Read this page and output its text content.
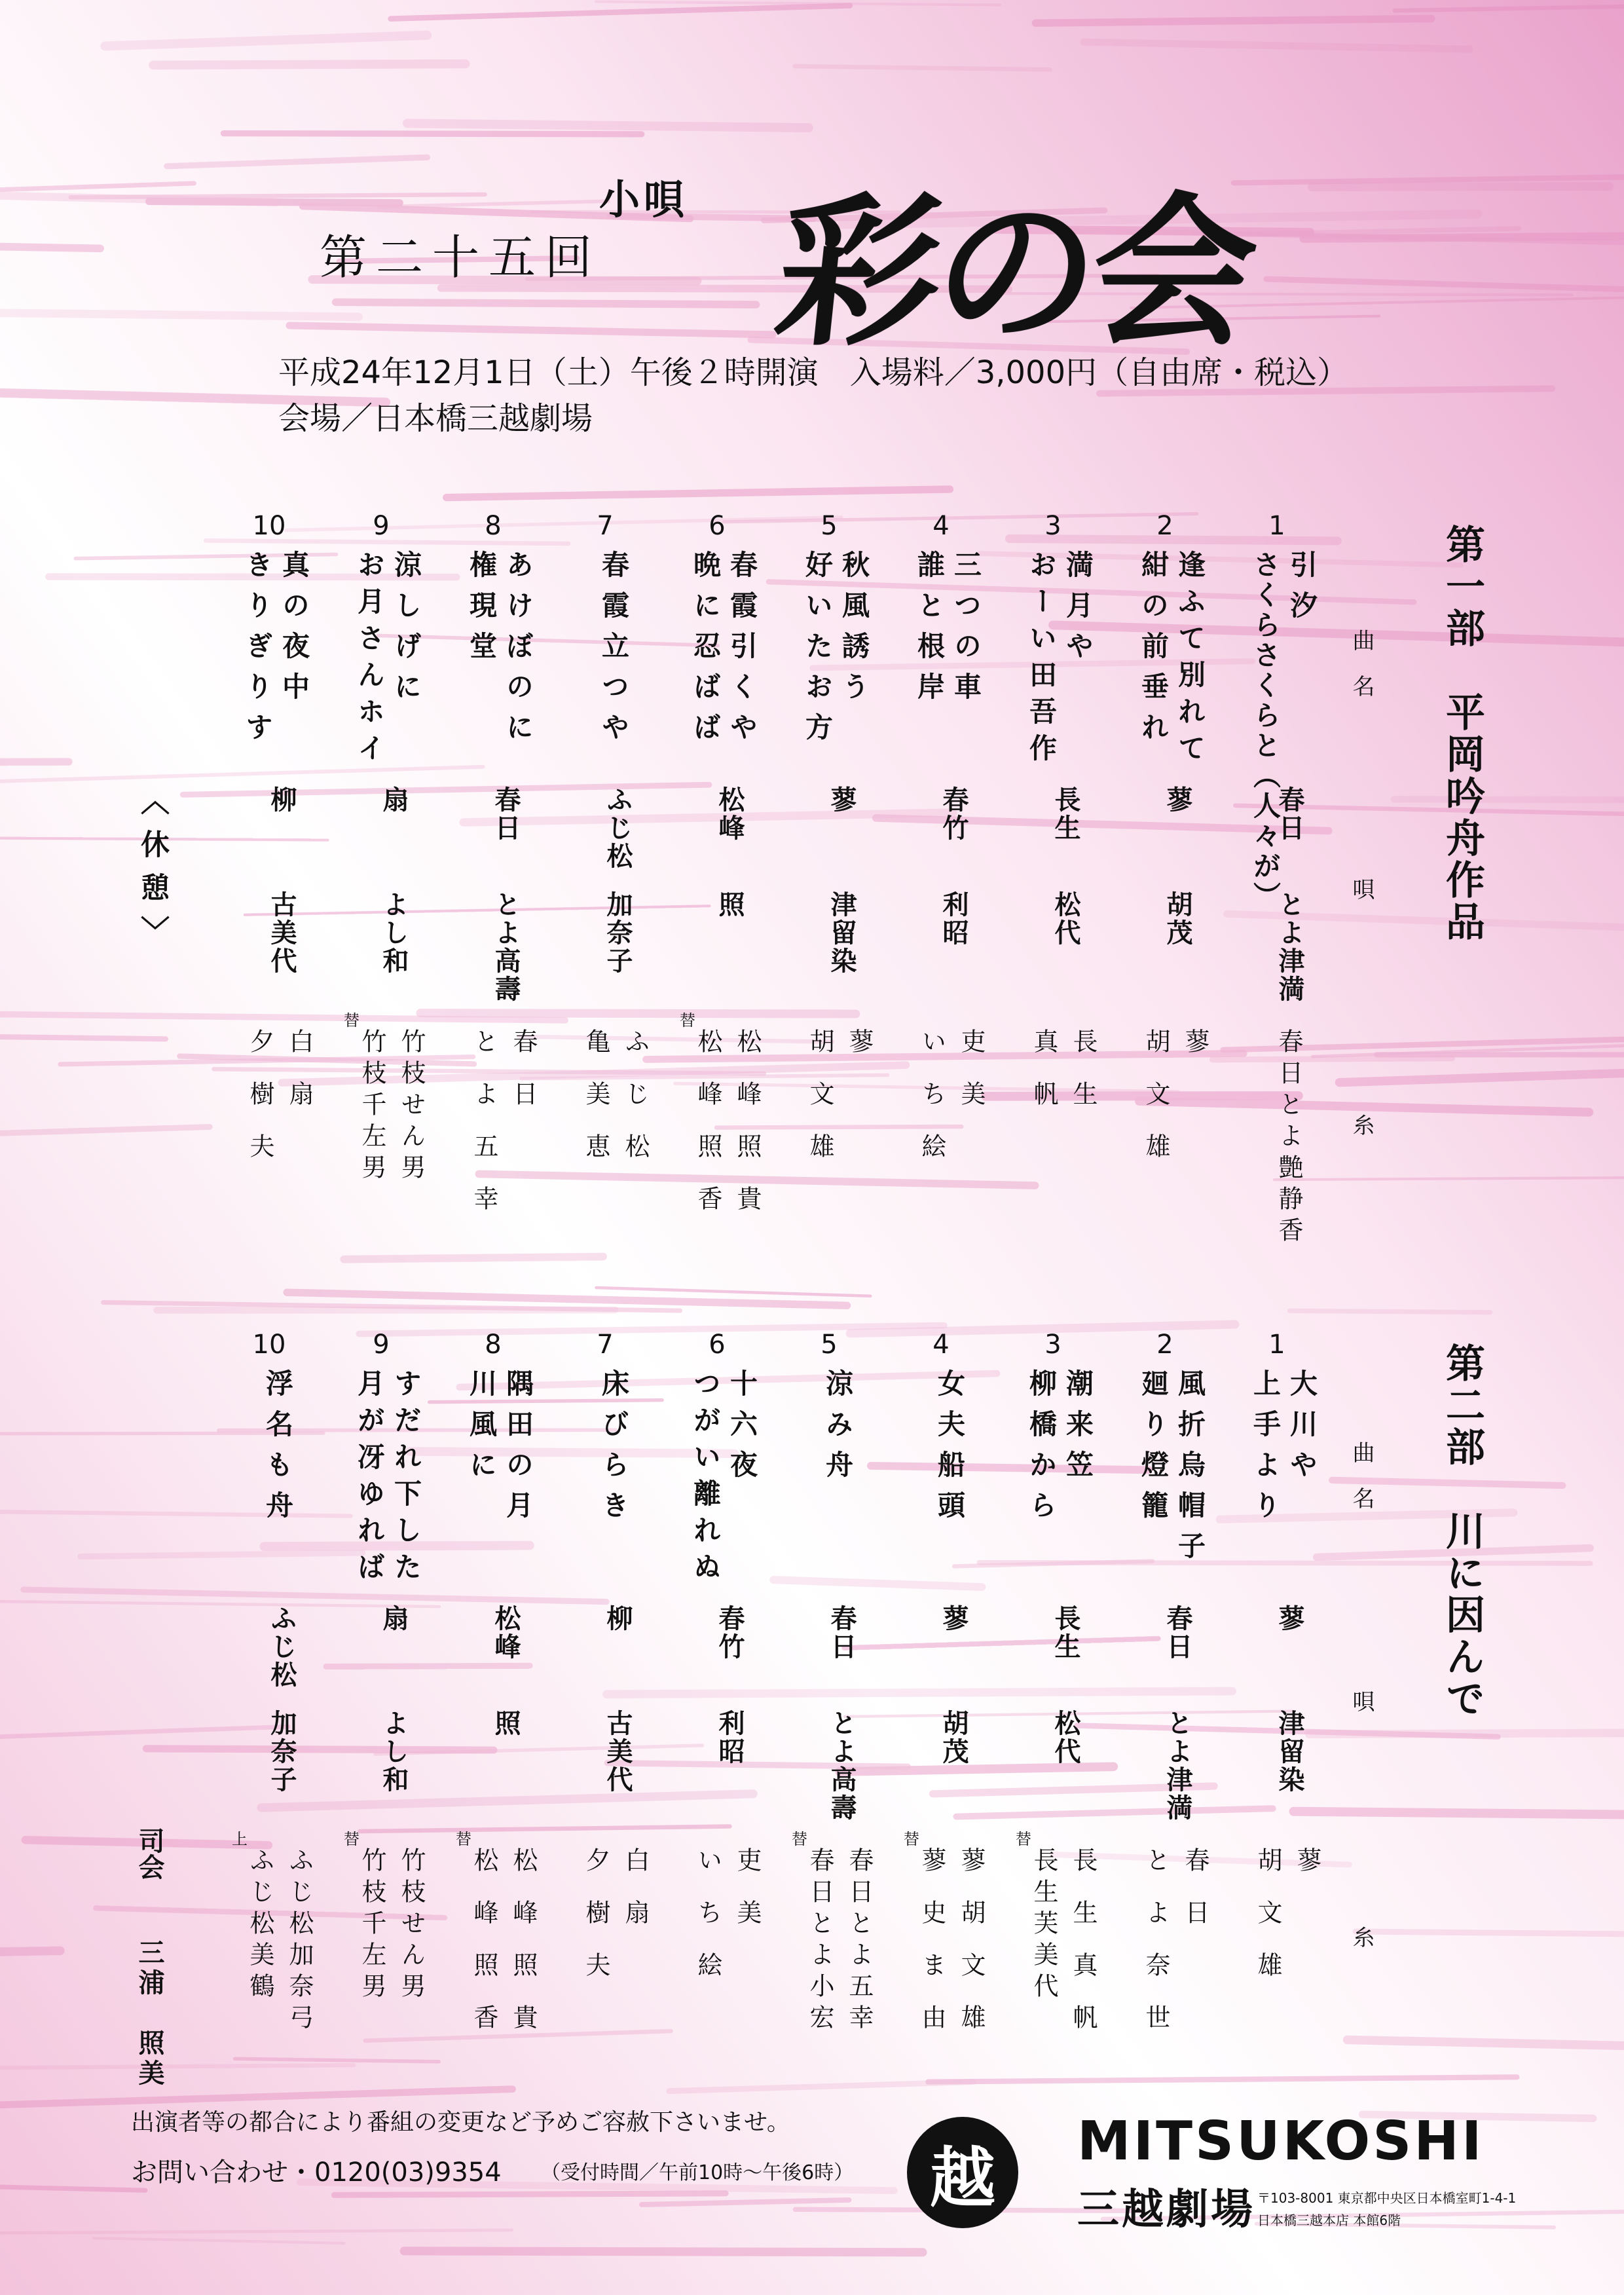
第二十五回
小唄 彩の会
平成24年12月1日（土）午後２時開演　入場料／3,000円（自由席・税込）
会場／日本橋三越劇場
第一部　平岡吟舟作品
曲名
唄
糸
1
引汐
さくらさくらと（人々が）
春日
とよ津満
春日とよ艶静香
2
逢ふて別れて
紺の前垂れ
蓼
胡茂
蓼
胡文雄
3
満月や
おーい田吾作
長生
松代
長生
真帆
4
三つの車
誰と根岸
春竹
利昭
吏美
いち絵
5
秋風誘う
好いたお方
蓼
津留染
蓼
胡文雄
6
春霞引くや
晩に忍ばば
松峰
照
替
松峰照貴
松峰照香
7
春霞立つや
ふじ松
加奈子
ふじ松
亀美恵
8
あけぼのに
権現堂
春日
とよ高壽
春日
とよ五幸
9
涼しげに
お月さんホイ
扇
よし和
替
竹枝せん男
竹枝千左男
10
真の夜中
きりぎりす
柳
古美代
白扇
夕樹夫
〈休憩〉
第二部　川に因んで
曲名
唄
糸
1
大川や
上手より
蓼
津留染
蓼
胡文雄
2
風折烏帽子
廻り燈籠
春日
とよ津満
春日
とよ奈世
3
潮来笠
柳橋から
長生
松代
替
長生真帆
長生芙美代
4
女夫船頭
蓼
胡茂
替
蓼胡文雄
蓼史ま由
5
涼み舟
春日
とよ高壽
替
春日とよ五幸
春日とよ小宏
6
十六夜
つがい離れぬ
春竹
利昭
吏美
いち絵
7
床びらき
柳
古美代
白扇
夕樹夫
8
隅田の月
川風に
松峰
照
替
松峰照貴
松峰照香
9
すだれ下した
月が冴ゆれば
扇
よし和
替
竹枝せん男
竹枝千左男
10
浮名も舟
ふじ松
加奈子
上
ふじ松加奈弓
ふじ松美鶴
司会
三浦　照美
出演者等の都合により番組の変更など予めご容赦下さいませ。
お問い合わせ・0120(03)9354 （受付時間／午前10時〜午後6時）	越	MITSUKOSHI
三越劇場 〒103-8001 東京都中央区日本橋室町1-4-1
日本橋三越本店 本館6階
